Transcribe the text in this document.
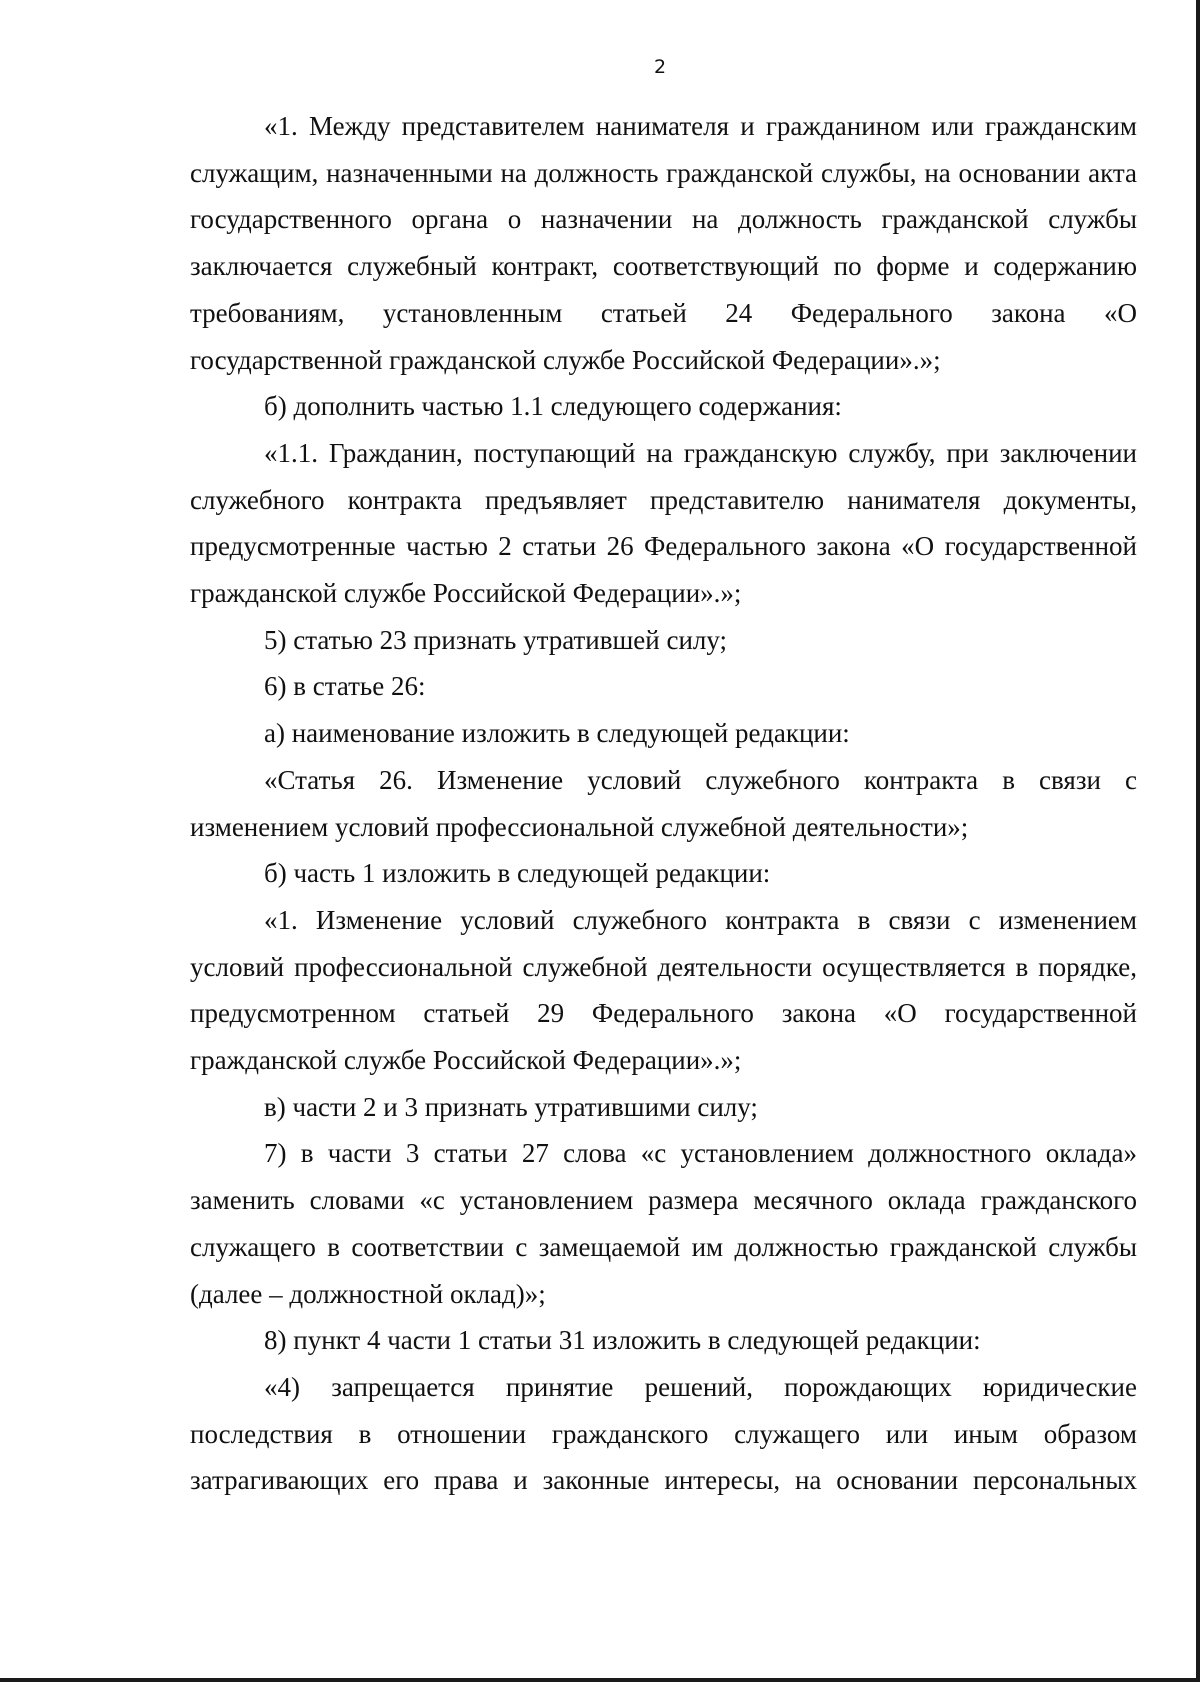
2

«1. Между представителем нанимателя и гражданином или гражданским служащим, назначенными на должность гражданской службы, на основании акта государственного органа о назначении на должность гражданской службы заключается служебный контракт, соответствующий по форме и содержанию требованиям, установленным статьей 24 Федерального закона «О государственной гражданской службе Российской Федерации».»;

б) дополнить частью 1.1 следующего содержания:

«1.1. Гражданин, поступающий на гражданскую службу, при заключении служебного контракта предъявляет представителю нанимателя документы, предусмотренные частью 2 статьи 26 Федерального закона «О государственной гражданской службе Российской Федерации».»;

5) статью 23 признать утратившей силу;

6) в статье 26:

а) наименование изложить в следующей редакции:

«Статья 26. Изменение условий служебного контракта в связи с изменением условий профессиональной служебной деятельности»;

б) часть 1 изложить в следующей редакции:

«1. Изменение условий служебного контракта в связи с изменением условий профессиональной служебной деятельности осуществляется в порядке, предусмотренном статьей 29 Федерального закона «О государственной гражданской службе Российской Федерации».»;

в) части 2 и 3 признать утратившими силу;

7) в части 3 статьи 27 слова «с установлением должностного оклада» заменить словами «с установлением размера месячного оклада гражданского служащего в соответствии с замещаемой им должностью гражданской службы (далее – должностной оклад)»;

8) пункт 4 части 1 статьи 31 изложить в следующей редакции:

«4) запрещается принятие решений, порождающих юридические последствия в отношении гражданского служащего или иным образом затрагивающих его права и законные интересы, на основании персональных
